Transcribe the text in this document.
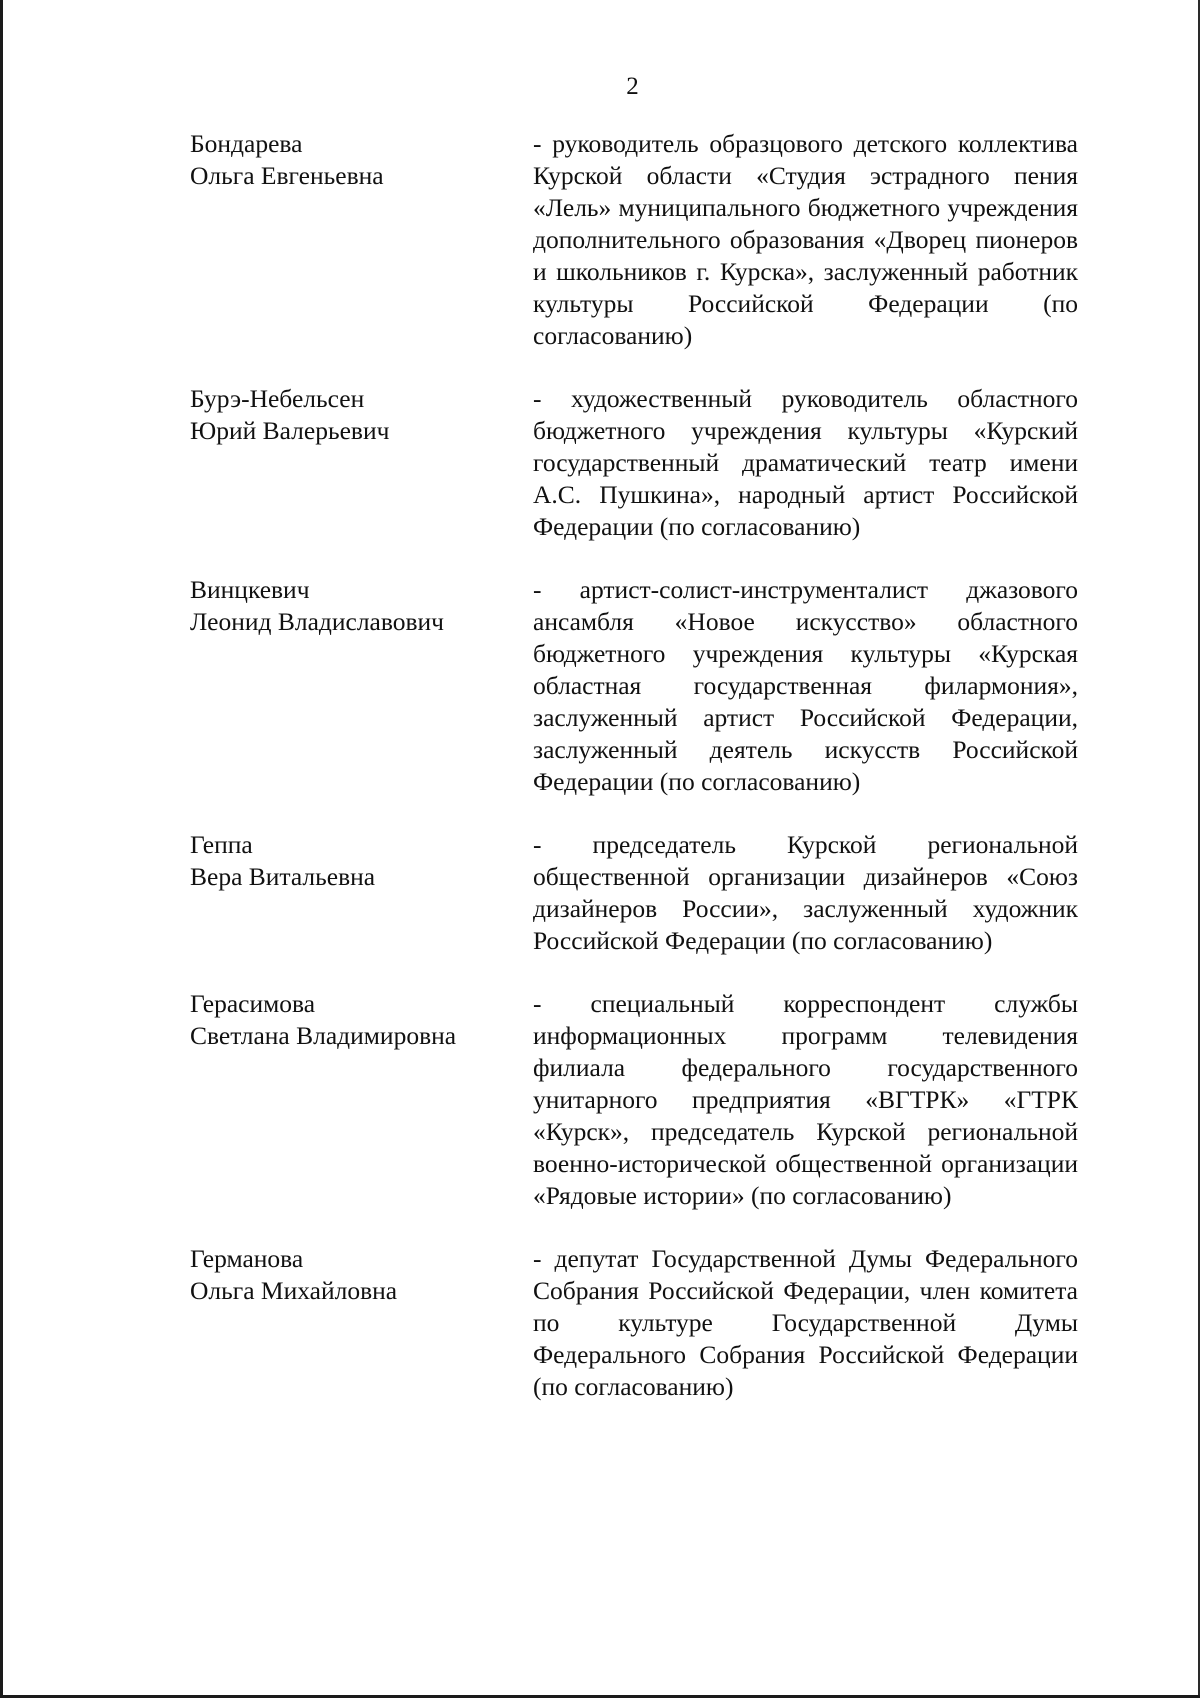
2
Бондарева
Ольга Евгеньевна
- руководитель образцового детского коллектива Курской области «Студия эстрадного пения «Лель» муниципального бюджетного учреждения дополнительного образования «Дворец пионеров и школьников г. Курска», заслуженный работник культуры Российской Федерации (по согласованию)
Бурэ-Небельсен
Юрий Валерьевич
- художественный руководитель областного бюджетного учреждения культуры «Курский государственный драматический театр имени А.С. Пушкина», народный артист Российской Федерации (по согласованию)
Винцкевич
Леонид Владиславович
- артист-солист-инструменталист джазового ансамбля «Новое искусство» областного бюджетного учреждения культуры «Курская областная государственная филармония», заслуженный артист Российской Федерации, заслуженный деятель искусств Российской Федерации (по согласованию)
Геппа
Вера Витальевна
- председатель Курской региональной общественной организации дизайнеров «Союз дизайнеров России», заслуженный художник Российской Федерации (по согласованию)
Герасимова
Светлана Владимировна
- специальный корреспондент службы информационных программ телевидения филиала федерального государственного унитарного предприятия «ВГТРК» «ГТРК «Курск», председатель Курской региональной военно-исторической общественной организации «Рядовые истории» (по согласованию)
Германова
Ольга Михайловна
- депутат Государственной Думы Федерального Собрания Российской Федерации, член комитета по культуре Государственной Думы Федерального Собрания Российской Федерации (по согласованию)
